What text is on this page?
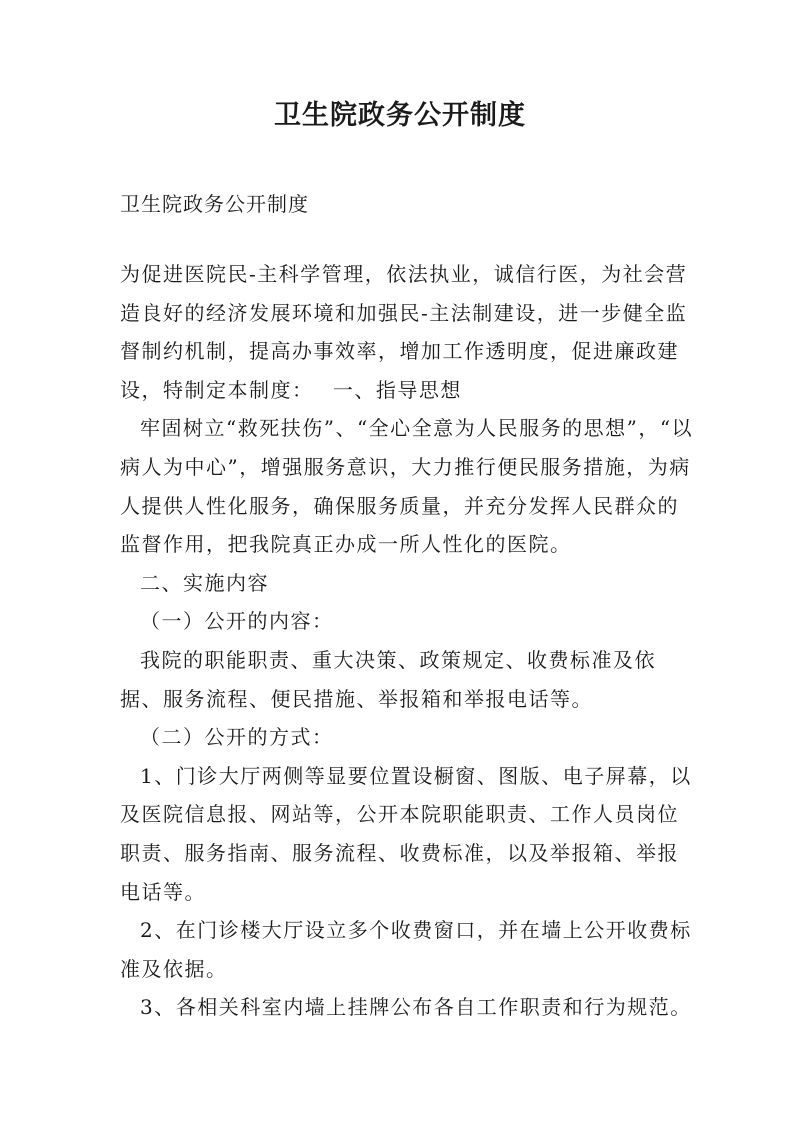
卫生院政务公开制度

卫生院政务公开制度

为促进医院民-主科学管理，依法执业，诚信行医，为社会营造良好的经济发展环境和加强民-主法制建设，进一步健全监督制约机制，提高办事效率，增加工作透明度，促进廉政建设，特制定本制度：　 一、指导思想

牢固树立“救死扶伤”、“全心全意为人民服务的思想”，“以病人为中心”，增强服务意识，大力推行便民服务措施，为病人提供人性化服务，确保服务质量，并充分发挥人民群众的监督作用，把我院真正办成一所人性化的医院。

二、实施内容

（一）公开的内容：

我院的职能职责、重大决策、政策规定、收费标准及依据、服务流程、便民措施、举报箱和举报电话等。

（二）公开的方式：

1、门诊大厅两侧等显要位置设橱窗、图版、电子屏幕，以及医院信息报、网站等，公开本院职能职责、工作人员岗位职责、服务指南、服务流程、收费标准，以及举报箱、举报电话等。

2、在门诊楼大厅设立多个收费窗口，并在墙上公开收费标准及依据。

3、各相关科室内墙上挂牌公布各自工作职责和行为规范。
